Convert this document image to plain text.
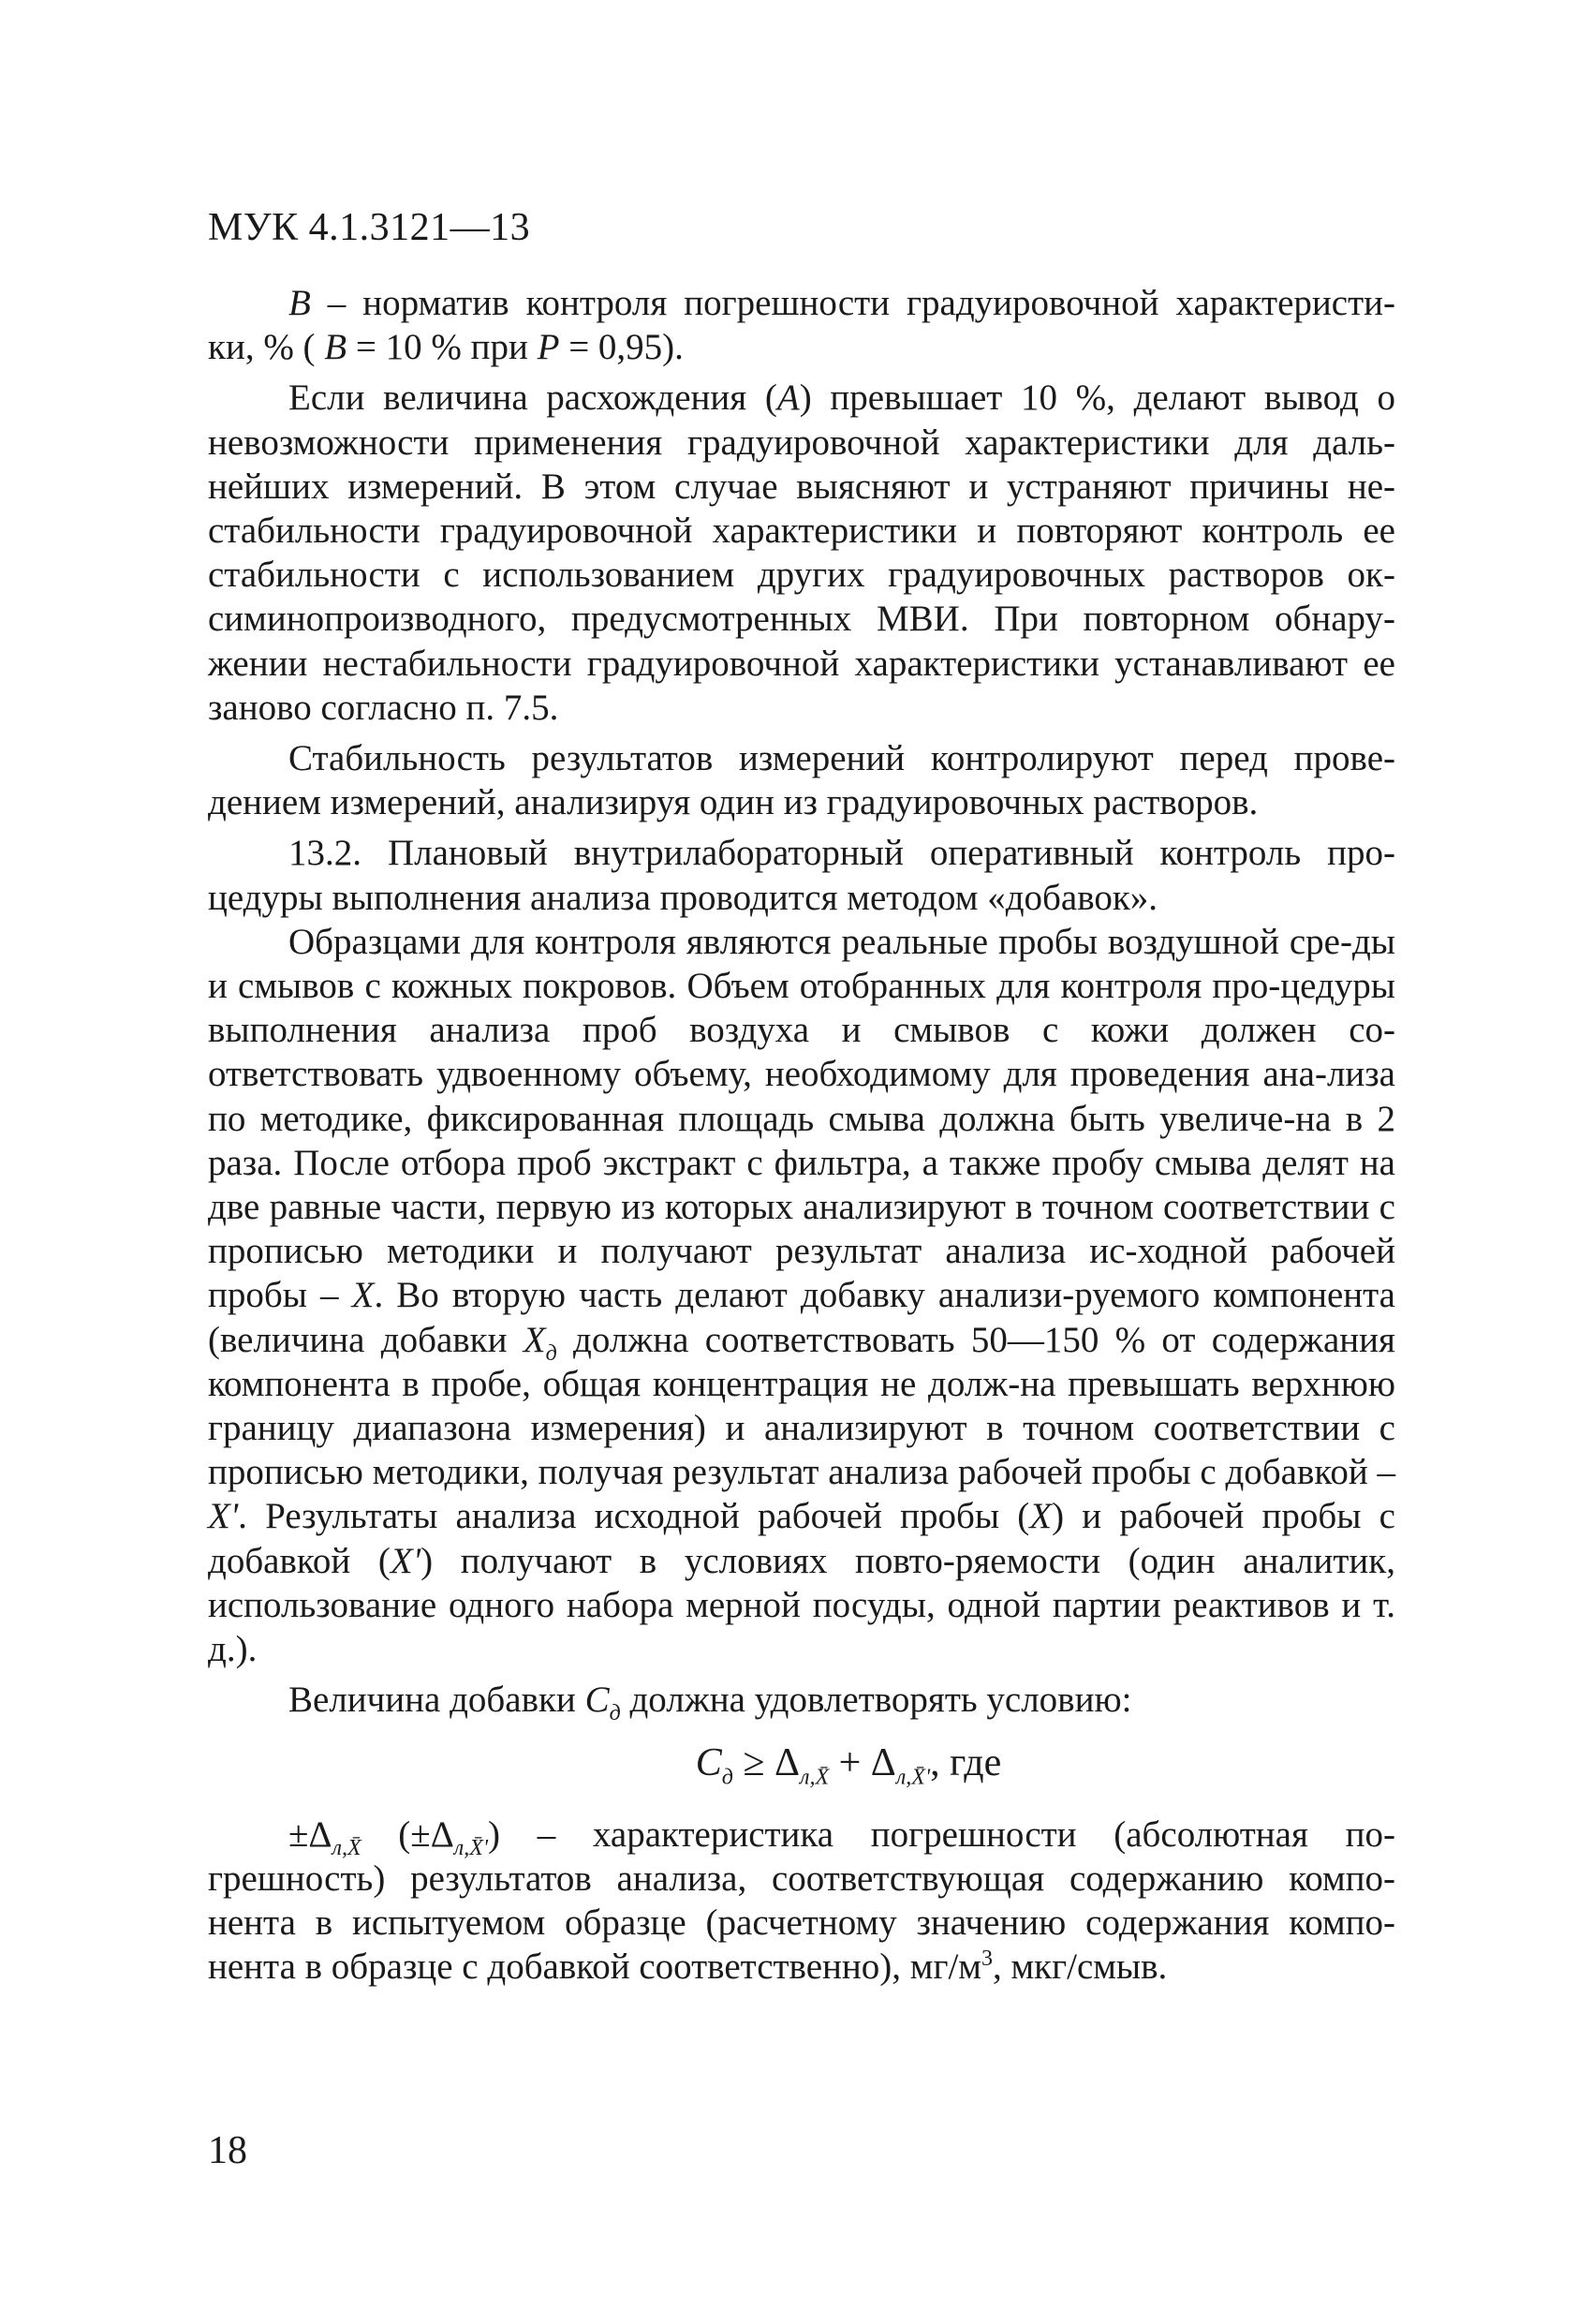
МУК 4.1.3121—13

В – норматив контроля погрешности градуировочной характеристи-ки, % ( В = 10 % при Р = 0,95).

Если величина расхождения (А) превышает 10 %, делают вывод о невозможности применения градуировочной характеристики для даль-нейших измерений. В этом случае выясняют и устраняют причины не-стабильности градуировочной характеристики и повторяют контроль ее стабильности с использованием других градуировочных растворов ок-симинопроизводного, предусмотренных МВИ. При повторном обнару-жении нестабильности градуировочной характеристики устанавливают ее заново согласно п. 7.5.

Стабильность результатов измерений контролируют перед прове-дением измерений, анализируя один из градуировочных растворов.

13.2. Плановый внутрилабораторный оперативный контроль про-цедуры выполнения анализа проводится методом «добавок».

Образцами для контроля являются реальные пробы воздушной сре-ды и смывов с кожных покровов. Объем отобранных для контроля про-цедуры выполнения анализа проб воздуха и смывов с кожи должен со-ответствовать удвоенному объему, необходимому для проведения ана-лиза по методике, фиксированная площадь смыва должна быть увеличе-на в 2 раза. После отбора проб экстракт с фильтра, а также пробу смыва делят на две равные части, первую из которых анализируют в точном соответствии с прописью методики и получают результат анализа ис-ходной рабочей пробы – Х. Во вторую часть делают добавку анализи-руемого компонента (величина добавки $Х_д$ должна соответствовать 50—150 % от содержания компонента в пробе, общая концентрация не долж-на превышать верхнюю границу диапазона измерения) и анализируют в точном соответствии с прописью методики, получая результат анализа рабочей пробы с добавкой – Х'. Результаты анализа исходной рабочей пробы (Х) и рабочей пробы с добавкой (Х') получают в условиях повто-ряемости (один аналитик, использование одного набора мерной посуды, одной партии реактивов и т. д.).

Величина добавки $С_д$ должна удовлетворять условию:

$С_д \ge \Delta_{л,X̄} + \Delta_{л,X̄'}$, где

$\pm\Delta_{л,X̄}$ $(\pm\Delta_{л,X̄'})$ – характеристика погрешности (абсолютная по-грешность) результатов анализа, соответствующая содержанию компо-нента в испытуемом образце (расчетному значению содержания компо-нента в образце с добавкой соответственно), $мг/м^3$, мкг/смыв.

18
